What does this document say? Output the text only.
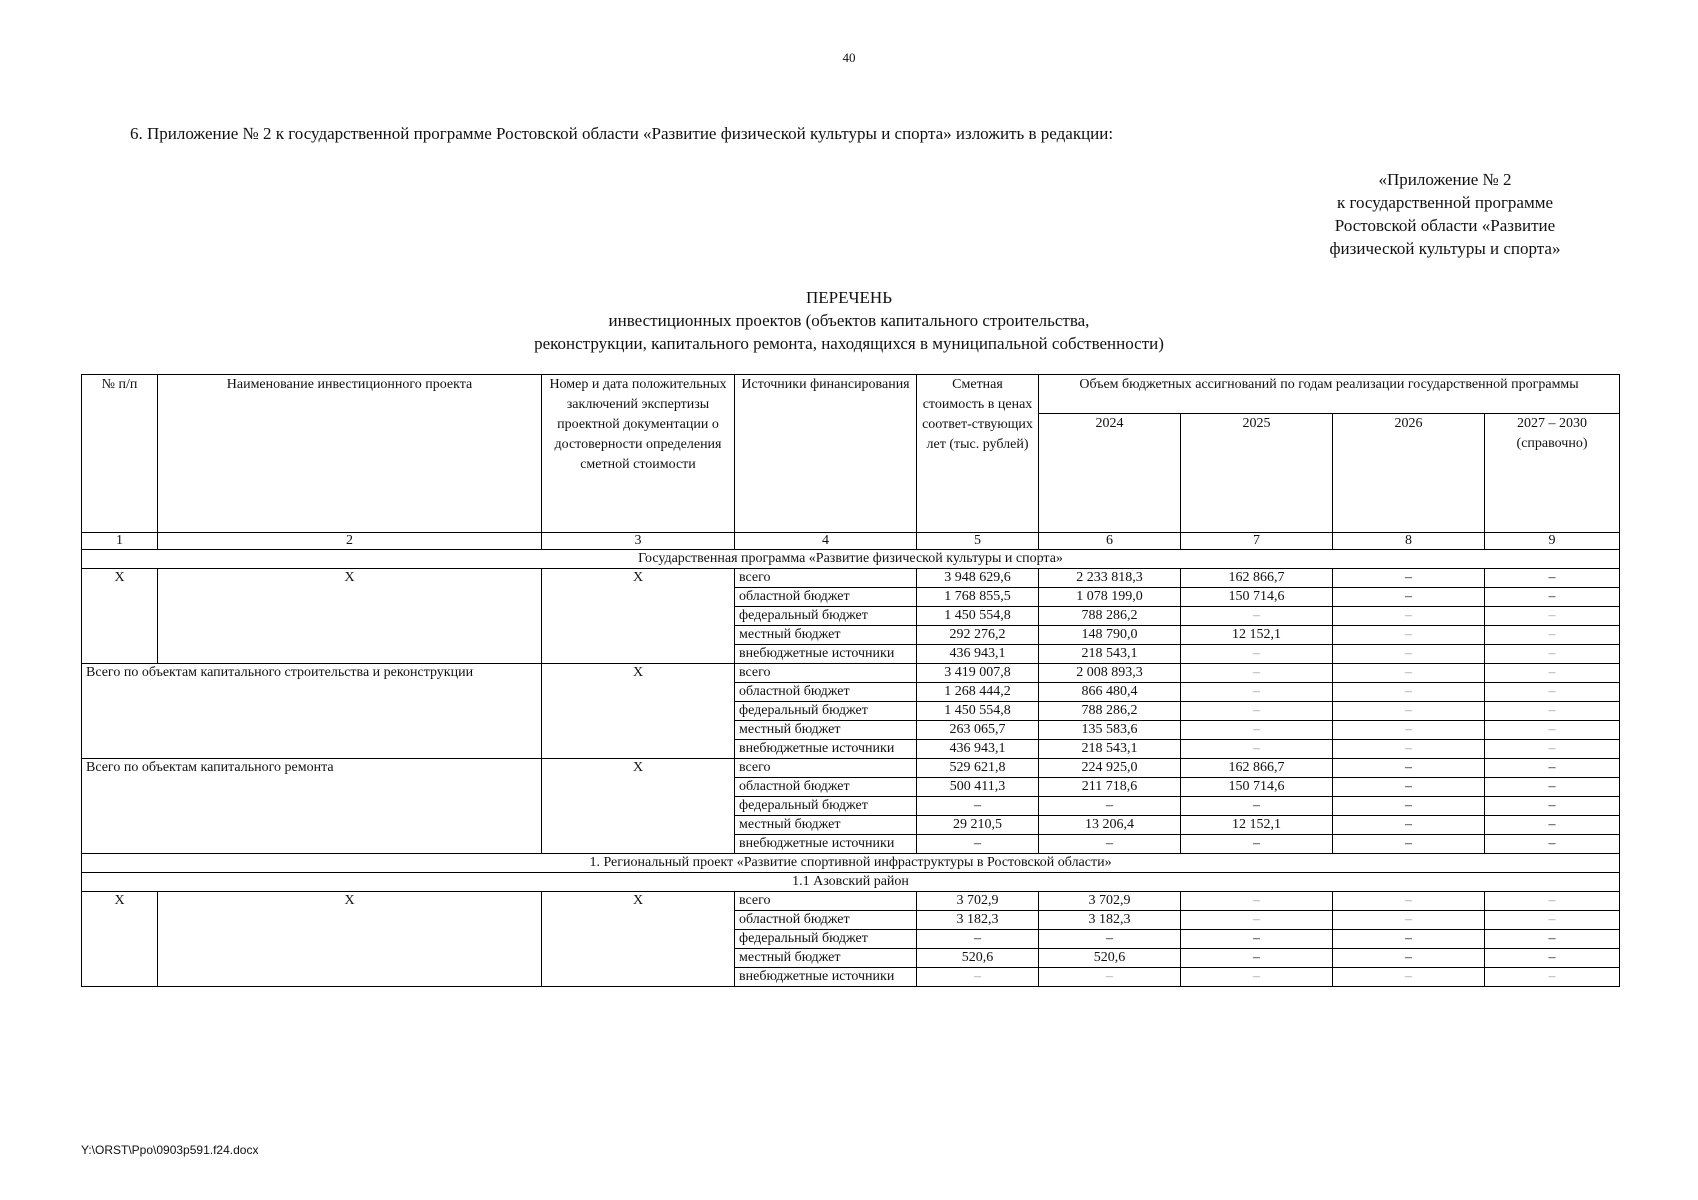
40
6. Приложение № 2 к государственной программе Ростовской области «Развитие физической культуры и спорта» изложить в редакции:
«Приложение № 2
к государственной программе
Ростовской области «Развитие
физической культуры и спорта»
ПЕРЕЧЕНЬ
инвестиционных проектов (объектов капитального строительства,
реконструкции, капитального ремонта, находящихся в муниципальной собственности)
№ п/п	Наименование инвестиционного проекта	Номер и дата положительных заключений экспертизы проектной документации о достоверности определения сметной стоимости	Источники финансирования	Сметная стоимость в ценах соответ-ствующих лет (тыс. рублей)	Объем бюджетных ассигнований по годам реализации государственной программы			
					2024	2025	2026	2027 – 2030 (справочно)
1	2	3	4	5	6	7	8	9
Государственная программа «Развитие физической культуры и спорта»								
X	X	X	всего	3 948 629,6	2 233 818,3	162 866,7	–	–
			областной бюджет	1 768 855,5	1 078 199,0	150 714,6	–	–
			федеральный бюджет	1 450 554,8	788 286,2	–	–	–
			местный бюджет	292 276,2	148 790,0	12 152,1	–	–
			внебюджетные источники	436 943,1	218 543,1	–	–	–
Всего по объектам капитального строительства и реконструкции		X	всего	3 419 007,8	2 008 893,3	–	–	–
			областной бюджет	1 268 444,2	866 480,4	–	–	–
			федеральный бюджет	1 450 554,8	788 286,2	–	–	–
			местный бюджет	263 065,7	135 583,6	–	–	–
			внебюджетные источники	436 943,1	218 543,1	–	–	–
Всего по объектам капитального ремонта		X	всего	529 621,8	224 925,0	162 866,7	–	–
			областной бюджет	500 411,3	211 718,6	150 714,6	–	–
			федеральный бюджет	–	–	–	–	–
			местный бюджет	29 210,5	13 206,4	12 152,1	–	–
			внебюджетные источники	–	–	–	–	–
1. Региональный проект «Развитие спортивной инфраструктуры в Ростовской области»								
1.1 Азовский район								
X	X	X	всего	3 702,9	3 702,9	–	–	–
			областной бюджет	3 182,3	3 182,3	–	–	–
			федеральный бюджет	–	–	–	–	–
			местный бюджет	520,6	520,6	–	–	–
			внебюджетные источники	–	–	–	–	–
Y:\ORST\Ppo\0903p591.f24.docx
